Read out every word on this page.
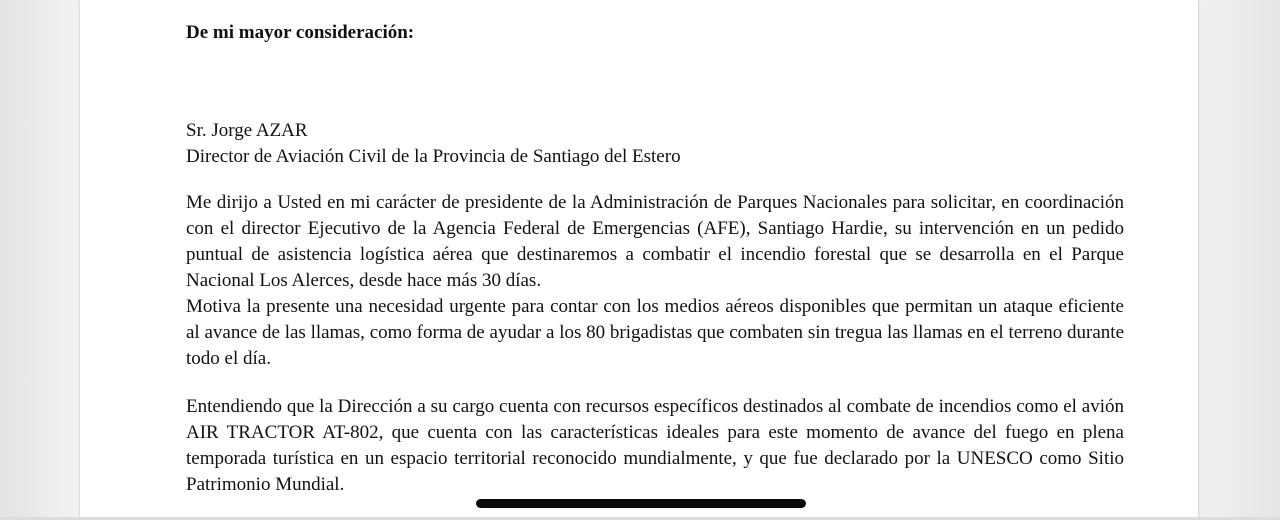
De mi mayor consideración:
Sr. Jorge AZAR
Director de Aviación Civil de la Provincia de Santiago del Estero
Me dirijo a Usted en mi carácter de presidente de la Administración de Parques Nacionales para solicitar, en coordinación con el director Ejecutivo de la Agencia Federal de Emergencias (AFE), Santiago Hardie, su intervención en un pedido puntual de asistencia logística aérea que destinaremos a combatir el incendio forestal que se desarrolla en el Parque Nacional Los Alerces, desde hace más 30 días.
Motiva la presente una necesidad urgente para contar con los medios aéreos disponibles que permitan un ataque eficiente al avance de las llamas, como forma de ayudar a los 80 brigadistas que combaten sin tregua las llamas en el terreno durante todo el día.
Entendiendo que la Dirección a su cargo cuenta con recursos específicos destinados al combate de incendios como el avión AIR TRACTOR AT-802, que cuenta con las características ideales para este momento de avance del fuego en plena temporada turística en un espacio territorial reconocido mundialmente, y que fue declarado por la UNESCO como Sitio Patrimonio Mundial.
